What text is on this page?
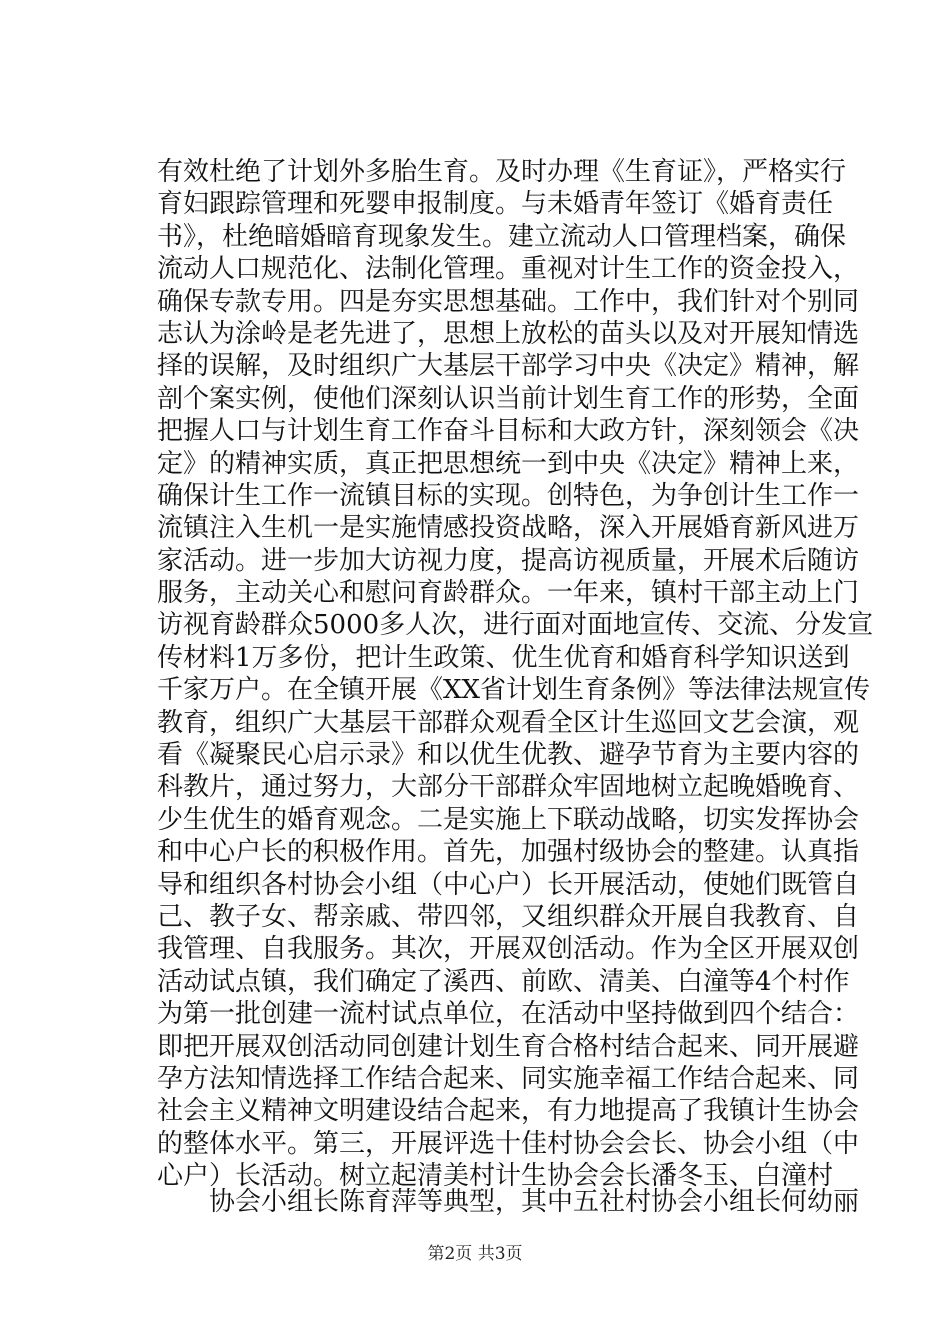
有效杜绝了计划外多胎生育。及时办理《生育证》，严格实行
育妇跟踪管理和死婴申报制度。与未婚青年签订《婚育责任
书》，杜绝暗婚暗育现象发生。建立流动人口管理档案，确保
流动人口规范化、法制化管理。重视对计生工作的资金投入，
确保专款专用。四是夯实思想基础。工作中，我们针对个别同
志认为涂岭是老先进了，思想上放松的苗头以及对开展知情选
择的误解，及时组织广大基层干部学习中央《决定》精神，解
剖个案实例，使他们深刻认识当前计划生育工作的形势，全面
把握人口与计划生育工作奋斗目标和大政方针，深刻领会《决
定》的精神实质，真正把思想统一到中央《决定》精神上来，
确保计生工作一流镇目标的实现。创特色，为争创计生工作一
流镇注入生机一是实施情感投资战略，深入开展婚育新风进万
家活动。进一步加大访视力度，提高访视质量，开展术后随访
服务，主动关心和慰问育龄群众。一年来，镇村干部主动上门
访视育龄群众5000多人次，进行面对面地宣传、交流、分发宣
传材料1万多份，把计生政策、优生优育和婚育科学知识送到
千家万户。在全镇开展《XX省计划生育条例》等法律法规宣传
教育，组织广大基层干部群众观看全区计生巡回文艺会演，观
看《凝聚民心启示录》和以优生优教、避孕节育为主要内容的
科教片，通过努力，大部分干部群众牢固地树立起晚婚晚育、
少生优生的婚育观念。二是实施上下联动战略，切实发挥协会
和中心户长的积极作用。首先，加强村级协会的整建。认真指
导和组织各村协会小组（中心户）长开展活动，使她们既管自
己、教子女、帮亲戚、带四邻，又组织群众开展自我教育、自
我管理、自我服务。其次，开展双创活动。作为全区开展双创
活动试点镇，我们确定了溪西、前欧、清美、白潼等4个村作
为第一批创建一流村试点单位，在活动中坚持做到四个结合：
即把开展双创活动同创建计划生育合格村结合起来、同开展避
孕方法知情选择工作结合起来、同实施幸福工作结合起来、同
社会主义精神文明建设结合起来，有力地提高了我镇计生协会
的整体水平。第三，开展评选十佳村协会会长、协会小组（中
心户）长活动。树立起清美村计生协会会长潘冬玉、白潼村
　　协会小组长陈育萍等典型，其中五社村协会小组长何幼丽
第2页 共3页
